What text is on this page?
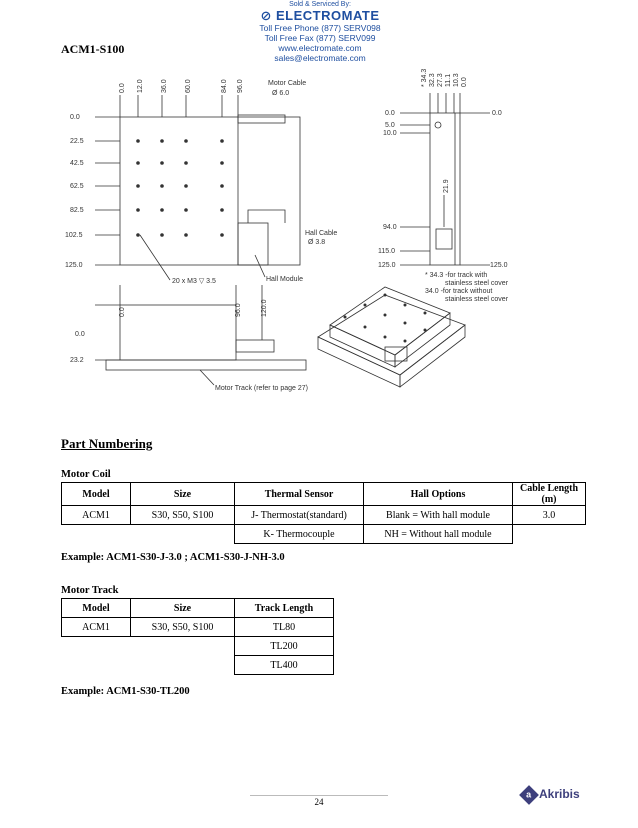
Sold & Serviced By:
⊘ ELECTROMATE
Toll Free Phone (877) SERV098
Toll Free Fax (877) SERV099
www.electromate.com
sales@electromate.com
ACM1-S100
0.0 12.0 36.0 60.0	84.0 96.0
0.0
22.5
42.5
62.5
82.5
102.5
125.0
Motor Cable
Ø 6.0
Hall Cable
Ø 3.8
Hall Module
20 x M3 ▽ 3.5
* 34.3 32.3 27.3 11.1 10.3 0.0
0.0
5.0
10.0
94.0
115.0
125.0
0.0
125.0
21.9
* 34.3 -for track with
stainless steel cover
34.0 -for track without
stainless steel cover
0.0	96.0	120.0
0.0
23.2
Motor Track (refer to page 27)
Part Numbering
Motor Coil
Model	Size	Thermal Sensor	Hall Options	Cable Length (m)
ACM1	S30, S50, S100	J- Thermostat(standard)	Blank = With hall module	3.0
		K- Thermocouple	NH = Without hall module	
Example: ACM1-S30-J-3.0 ; ACM1-S30-J-NH-3.0
Motor Track
Model	Size	Track Length
ACM1	S30, S50, S100	TL80
		TL200
		TL400
Example: ACM1-S30-TL200
24
a Akribis
